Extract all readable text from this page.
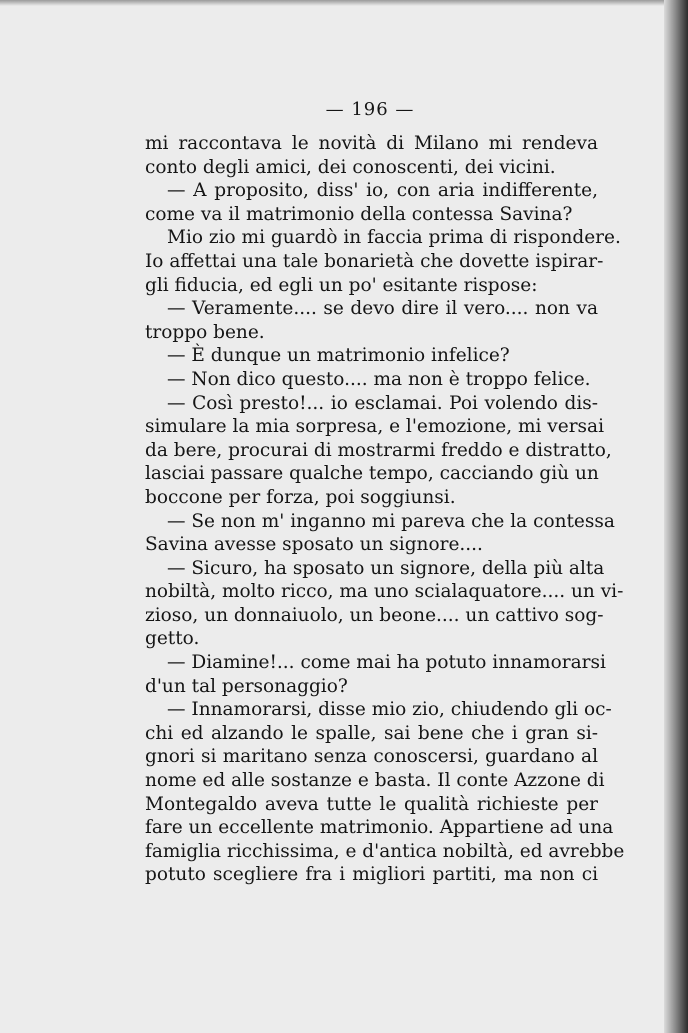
— 196 —
mi raccontava le novità di Milano mi rendeva
conto degli amici, dei conoscenti, dei vicini.
— A proposito, diss' io, con aria indifferente,
come va il matrimonio della contessa Savina?
Mio zio mi guardò in faccia prima di rispondere.
Io affettai una tale bonarietà che dovette ispirar-
gli fiducia, ed egli un po' esitante rispose:
— Veramente.... se devo dire il vero.... non va
troppo bene.
— È dunque un matrimonio infelice?
— Non dico questo.... ma non è troppo felice.
— Così presto!... io esclamai. Poi volendo dis-
simulare la mia sorpresa, e l'emozione, mi versai
da bere, procurai di mostrarmi freddo e distratto,
lasciai passare qualche tempo, cacciando giù un
boccone per forza, poi soggiunsi.
— Se non m' inganno mi pareva che la contessa
Savina avesse sposato un signore....
— Sicuro, ha sposato un signore, della più alta
nobiltà, molto ricco, ma uno scialaquatore.... un vi-
zioso, un donnaiuolo, un beone.... un cattivo sog-
getto.
— Diamine!... come mai ha potuto innamorarsi
d'un tal personaggio?
— Innamorarsi, disse mio zio, chiudendo gli oc-
chi ed alzando le spalle, sai bene che i gran si-
gnori si maritano senza conoscersi, guardano al
nome ed alle sostanze e basta. Il conte Azzone di
Montegaldo aveva tutte le qualità richieste per
fare un eccellente matrimonio. Appartiene ad una
famiglia ricchissima, e d'antica nobiltà, ed avrebbe
potuto scegliere fra i migliori partiti, ma non ci
